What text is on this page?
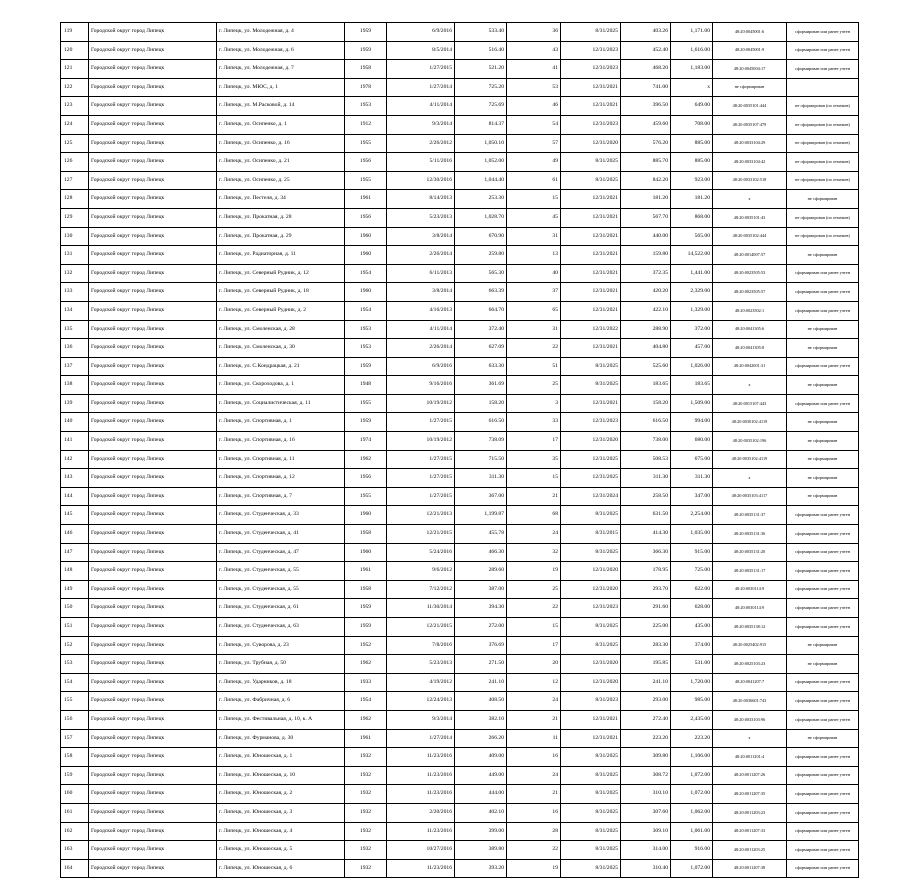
119	Городской округ город Липецк	г. Липецк, ул. Молодежная, д. 4	1959	6/9/2016	533.40	36	8/31/2025	403.26	1,171.00	48:20:0045001:6	сформирован или ранее учтен
120	Городской округ город Липецк	г. Липецк, ул. Молодежная, д. 6	1959	8/5/2014	516.40	43	12/31/2023	452.40	1,616.00	48:20:0045001:9	сформирован или ранее учтен
121	Городской округ город Липецк	г. Липецк, ул. Молодежная, д. 7	1958	1/27/2015	521.20	41	12/31/2023	468.20	1,183.00	48:20:0045004:17	сформирован или ранее учтен
122	Городской округ город Липецк	г. Липецк, ул. МЮС, д. 1	1978	1/27/2014	725.20	53	12/31/2021	741.00	x	не сформирован	
123	Городской округ город Липецк	г. Липецк, ул. М.Расковой, д. 14	1953	4/11/2014	725.69	46	12/31/2021	396.50	649.00	48:20:0035101:444	не сформирован (по отмежев)
124	Городской округ город Липецк	г. Липецк, ул. Осипенко, д. 1	1912	9/3/2014	814.37	54	12/31/2023	459.60	708.00	48:20:0035107:479	не сформирован (по отмежев)
125	Городской округ город Липецк	г. Липецк, ул. Осипенко, д. 16	1955	2/26/2012	1,050.10	57	12/31/2020	576.20	885.00	48:20:0033104:29	не сформирован (по отмежев)
126	Городской округ город Липецк	г. Липецк, ул. Осипенко, д. 21	1956	5/11/2016	1,052.00	49	8/31/2025	885.70	885.00	48:20:0033104:42	не сформирован (по отмежев)
127	Городской округ город Липецк	г. Липецк, ул. Осипенко, д. 25	1955	12/30/2016	1,044.40	61	8/31/2025	842.20	923.00	48:20:0033102:518	не сформирован (по отмежев)
128	Городской округ город Липецк	г. Липецк, ул. Пестеля, д. 34	1961	8/14/2013	253.30	15	12/31/2021	181.20	181.20	x	не сформирован
129	Городской округ город Липецк	г. Липецк, ул. Прокатная, д. 28	1956	5/23/2013	1,028.70	45	12/31/2021	567.70	868.00	48:20:0035101:43	не сформирован (по отмежев)
130	Городской округ город Липецк	г. Липецк, ул. Прокатная, д. 29	1960	3/8/2014	670.90	31	12/31/2021	440.00	565.00	48:20:0035102:444	не сформирован (по отмежев)
131	Городской округ город Липецк	г. Липецк, ул. Радиаторная, д. 11	1960	2/26/2014	259.80	13	12/31/2021	159.80	14,522.00	48:20:0014007:57	не сформирован
132	Городской округ город Липецк	г. Липецк, ул. Северный Рудник, д. 12	1954	6/11/2013	565.30	40	12/31/2021	372.35	1,441.00	48:20:0023505:53	сформирован или ранее учтен
133	Городской округ город Липецк	г. Липецк, ул. Северный Рудник, д. 18	1960	3/8/2014	663.39	37	12/31/2021	420.20	2,329.00	48:20:0023505:57	сформирован или ранее учтен
134	Городской округ город Липецк	г. Липецк, ул. Северный Рудник, д. 2	1954	4/16/2013	664.70	65	12/31/2021	422.10	1,329.00	48:20:0023502:1	сформирован или ранее учтен
135	Городской округ город Липецк	г. Липецк, ул. Смоленская, д. 28	1953	4/11/2014	372.40	31	12/31/2022	288.90	372.00	48:20:0041305:6	не сформирован
136	Городской округ город Липецк	г. Липецк, ул. Смоленская, д. 30	1953	2/26/2014	627.09	22	12/31/2021	404.80	457.00	48:20:0041305:8	не сформирован
137	Городской округ город Липецк	г. Липецк, ул. С.Кондрацкая, д. 21	1959	6/9/2016	633.30	51	8/31/2025	525.60	1,026.00	48:20:0042001:31	сформирован или ранее учтен
138	Городской округ город Липецк	г. Липецк, ул. Скороходова, д. 1	1948	9/16/2016	361.69	25	8/31/2025	183.65	183.65	x	не сформирован
139	Городской округ город Липецк	г. Липецк, ул. Социалистическая, д. 11	1955	10/19/2012	158.20	3	12/31/2021	158.20	1,509.00	48:20:0015107:443	сформирован или ранее учтен
140	Городской округ город Липецк	г. Липецк, ул. Спортивная, д. 1	1959	1/27/2015	616.50	33	12/31/2023	616.50	994.00	48:20:0030102:4119	не сформирован
141	Городской округ город Липецк	г. Липецк, ул. Спортивная, д. 16	1974	10/19/2012	738.09	17	12/31/2020	738.00	680.00	48:20:0035102:196	не сформирован
142	Городской округ город Липецк	г. Липецк, ул. Спортивная, д. 11	1962	1/27/2015	715.50	35	12/31/2025	508.53	675.00	48:20:0035102:4119	не сформирован
143	Городской округ город Липецк	г. Липецк, ул. Спортивная, д. 12	1956	1/27/2015	311.30	15	12/31/2025	311.30	311.30	x	не сформирован
144	Городской округ город Липецк	г. Липецк, ул. Спортивная, д. 7	1955	1/27/2015	367.00	21	12/31/2024	258.50	347.00	48:20:0035103:4117	не сформирован
145	Городской округ город Липецк	г. Липецк, ул. Студенческая, д. 33	1960	12/21/2013	1,199.87	68	8/31/2025	631.50	2,254.00	48:20:0035131:37	сформирован или ранее учтен
146	Городской округ город Липецк	г. Липецк, ул. Студенческая, д. 41	1958	12/21/2015	455.78	24	8/31/2015	414.30	1,035.00	48:20:0035131:36	сформирован или ранее учтен
147	Городской округ город Липецк	г. Липецк, ул. Студенческая, д. 47	1960	5/24/2016	466.30	32	8/31/2025	366.30	915.00	48:20:0035131:20	сформирован или ранее учтен
148	Городской округ город Липецк	г. Липецк, ул. Студенческая, д. 55	1961	9/6/2012	289.60	19	12/31/2020	178.95	725.00	48:20:0035131:17	сформирован или ранее учтен
149	Городской округ город Липецк	г. Липецк, ул. Студенческая, д. 55	1958	7/12/2012	387.00	25	12/31/2020	293.70	622.00	48:20:0030114:9	сформирован или ранее учтен
150	Городской округ город Липецк	г. Липецк, ул. Студенческая, д. 61	1959	11/30/2014	394.30	22	12/31/2023	291.60	628.00	48:20:0030114:9	сформирован или ранее учтен
151	Городской округ город Липецк	г. Липецк, ул. Студенческая, д. 63	1959	12/21/2015	272.00	15	8/31/2025	225.00	435.00	48:20:0035138:12	сформирован или ранее учтен
152	Городской округ город Липецк	г. Липецк, ул. Суворова, д. 23	1952	7/8/2016	376.69	17	8/31/2025	283.30	374.00	48:20:0025402:915	не сформирован
153	Городской округ город Липецк	г. Липецк, ул. Трубная, д. 50	1962	5/23/2013	271.50	20	12/31/2020	195.85	531.00	48:20:0025103:23	не сформирован
154	Городской округ город Липецк	г. Липецк, ул. Ударников, д. 18	1933	4/19/2012	241.10	12	12/31/2020	241.10	1,720.00	48:20:0041207:7	сформирован или ранее учтен
155	Городской округ город Липецк	г. Липецк, ул. Фабричная, д. 6	1954	12/24/2013	408.50	24	8/31/2023	293.00	985.00	48:20:0036601:743	сформирован или ранее учтен
156	Городской округ город Липецк	г. Липецк, ул. Фестивальная, д. 10, к. А	1962	9/3/2014	382.10	21	12/31/2021	272.40	2,435.00	48:20:0033103:96	сформирован или ранее учтен
157	Городской округ город Липецк	г. Липецк, ул. Фурманова, д. 30	1961	1/27/2014	266.20	11	12/31/2021	223.20	223.20	x	не сформирован
158	Городской округ город Липецк	г. Липецк, ул. Юношеская, д. 1	1932	11/23/2016	409.00	16	8/31/2025	309.80	1,106.00	48:20:0011201:4	сформирован или ранее учтен
159	Городской округ город Липецк	г. Липецк, ул. Юношеская, д. 10	1932	11/23/2016	449.00	24	8/31/2025	308.72	1,072.00	48:20:0011207:26	сформирован или ранее учтен
160	Городской округ город Липецк	г. Липецк, ул. Юношеская, д. 2	1932	11/23/2016	444.00	21	8/31/2025	310.10	1,072.00	48:20:0011207:35	сформирован или ранее учтен
161	Городской округ город Липецк	г. Липецк, ул. Юношеская, д. 3	1932	2/20/2016	402.10	16	8/31/2025	307.60	1,062.00	48:20:0011203:23	сформирован или ранее учтен
162	Городской округ город Липецк	г. Липецк, ул. Юношеская, д. 4	1932	11/23/2016	399.00	28	8/31/2025	309.10	1,061.00	48:20:0011207:33	сформирован или ранее учтен
163	Городской округ город Липецк	г. Липецк, ул. Юношеская, д. 5	1932	10/27/2016	389.80	22	8/31/2025	314.00	916.00	48:20:0011203:25	сформирован или ранее учтен
164	Городской округ город Липецк	г. Липецк, ул. Юношеская, д. 6	1932	11/23/2016	393.20	19	8/31/2025	310.40	1,072.00	48:20:0011207:38	сформирован или ранее учтен
